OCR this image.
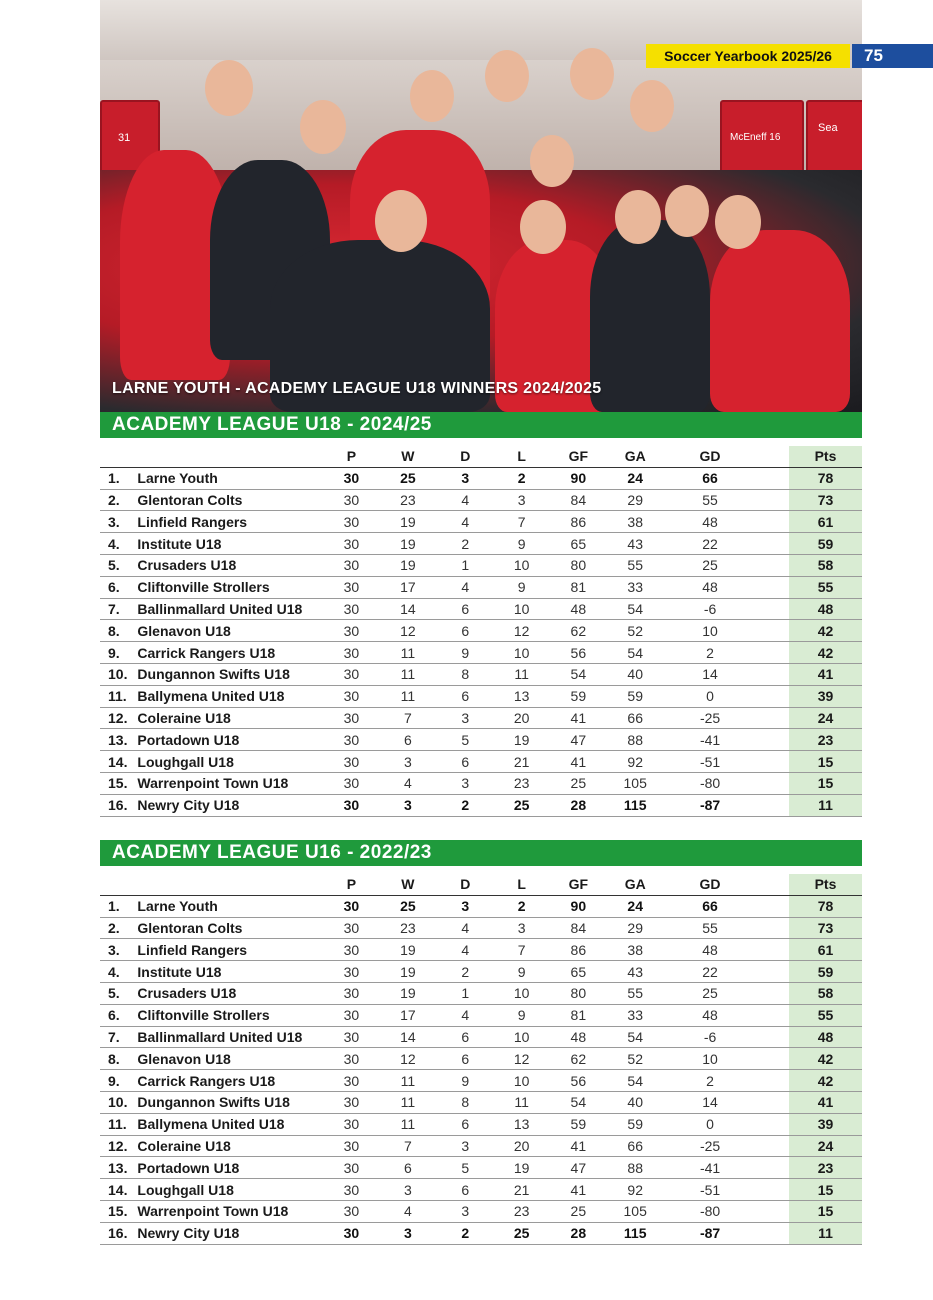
31	McEneff 16
Sea
LARNE YOUTH - ACADEMY LEAGUE U18 WINNERS 2024/2025
Soccer Yearbook 2025/26	75
ACADEMY LEAGUE U18 - 2024/25
		P	W	D	L	GF	GA	GD		Pts
1.	Larne Youth	30	25	3	2	90	24	66		78
2.	Glentoran Colts	30	23	4	3	84	29	55		73
3.	Linfield Rangers	30	19	4	7	86	38	48		61
4.	Institute U18	30	19	2	9	65	43	22		59
5.	Crusaders U18	30	19	1	10	80	55	25		58
6.	Cliftonville Strollers	30	17	4	9	81	33	48		55
7.	Ballinmallard United U18	30	14	6	10	48	54	-6		48
8.	Glenavon U18	30	12	6	12	62	52	10		42
9.	Carrick Rangers U18	30	11	9	10	56	54	2		42
10.	Dungannon Swifts U18	30	11	8	11	54	40	14		41
11.	Ballymena United U18	30	11	6	13	59	59	0		39
12.	Coleraine U18	30	7	3	20	41	66	-25		24
13.	Portadown U18	30	6	5	19	47	88	-41		23
14.	Loughgall U18	30	3	6	21	41	92	-51		15
15.	Warrenpoint Town U18	30	4	3	23	25	105	-80		15
16.	Newry City U18	30	3	2	25	28	115	-87		11
ACADEMY LEAGUE U16 - 2022/23
		P	W	D	L	GF	GA	GD		Pts
1.	Larne Youth	30	25	3	2	90	24	66		78
2.	Glentoran Colts	30	23	4	3	84	29	55		73
3.	Linfield Rangers	30	19	4	7	86	38	48		61
4.	Institute U18	30	19	2	9	65	43	22		59
5.	Crusaders U18	30	19	1	10	80	55	25		58
6.	Cliftonville Strollers	30	17	4	9	81	33	48		55
7.	Ballinmallard United U18	30	14	6	10	48	54	-6		48
8.	Glenavon U18	30	12	6	12	62	52	10		42
9.	Carrick Rangers U18	30	11	9	10	56	54	2		42
10.	Dungannon Swifts U18	30	11	8	11	54	40	14		41
11.	Ballymena United U18	30	11	6	13	59	59	0		39
12.	Coleraine U18	30	7	3	20	41	66	-25		24
13.	Portadown U18	30	6	5	19	47	88	-41		23
14.	Loughgall U18	30	3	6	21	41	92	-51		15
15.	Warrenpoint Town U18	30	4	3	23	25	105	-80		15
16.	Newry City U18	30	3	2	25	28	115	-87		11
